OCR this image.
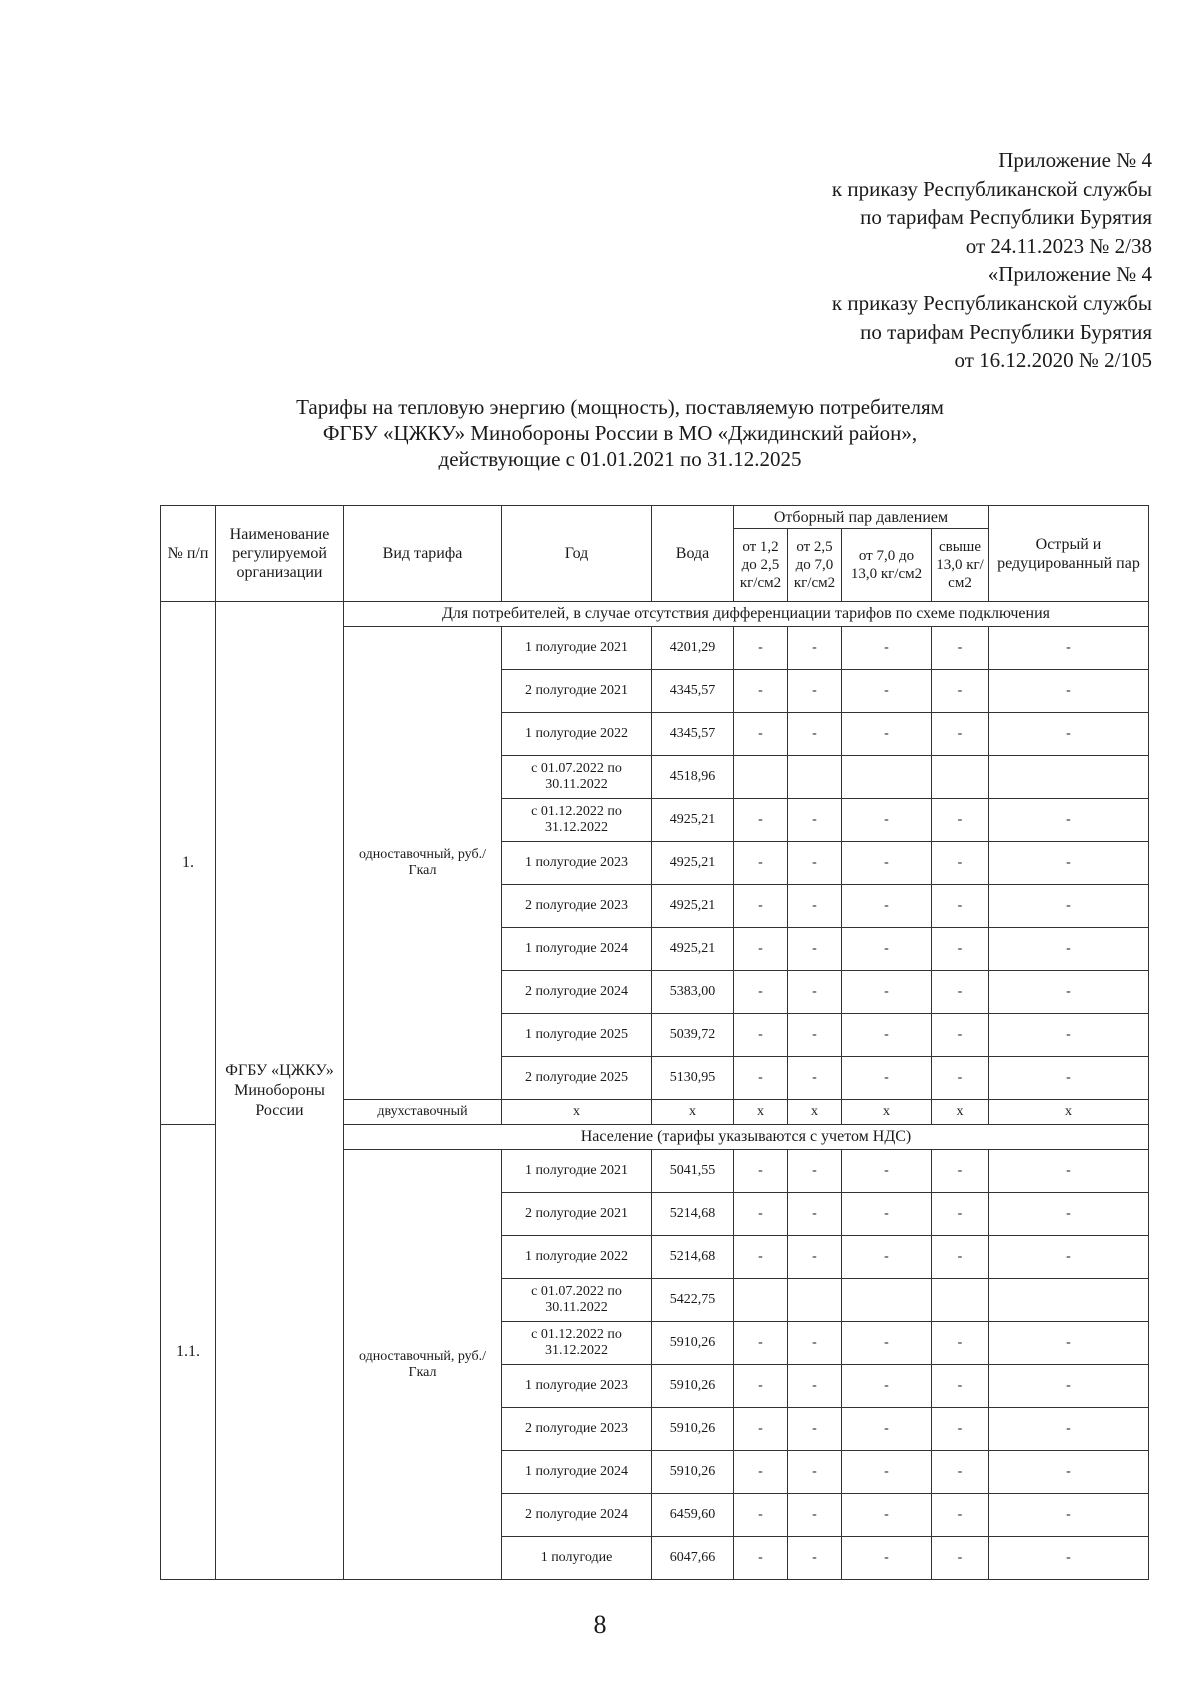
Приложение № 4
к приказу Республиканской службы
по тарифам Республики Бурятия
от 24.11.2023 № 2/38
«Приложение № 4
к приказу Республиканской службы
по тарифам Республики Бурятия
от 16.12.2020 № 2/105
Тарифы на тепловую энергию (мощность), поставляемую потребителям
ФГБУ «ЦЖКУ» Минобороны России в МО «Джидинский район»,
действующие с 01.01.2021 по 31.12.2025
№ п/п	Наименование регулируемой организации	Вид тарифа	Год	Вода	Отборный пар давлением				Острый и редуцированный пар
					от 1,2 до 2,5 кг/см2	от 2,5 до 7,0 кг/см2	от 7,0 до 13,0 кг/см2	свыше 13,0 кг/см2	
1.	ФГБУ «ЦЖКУ» Минобороны России	Для потребителей, в случае отсутствия дифференциации тарифов по схеме подключения							
		одноставочный, руб./Гкал	1 полугодие 2021	4201,29	-	-	-	-	-
			2 полугодие 2021	4345,57	-	-	-	-	-
			1 полугодие 2022	4345,57	-	-	-	-	-
			с 01.07.2022 по 30.11.2022	4518,96					
			с 01.12.2022 по 31.12.2022	4925,21	-	-	-	-	-
			1 полугодие 2023	4925,21	-	-	-	-	-
			2 полугодие 2023	4925,21	-	-	-	-	-
			1 полугодие 2024	4925,21	-	-	-	-	-
			2 полугодие 2024	5383,00	-	-	-	-	-
			1 полугодие 2025	5039,72	-	-	-	-	-
			2 полугодие 2025	5130,95	-	-	-	-	-
		двухставочный	х	х	х	х	х	х	х
1.1.		Население (тарифы указываются с учетом НДС)							
		одноставочный, руб./Гкал	1 полугодие 2021	5041,55	-	-	-	-	-
			2 полугодие 2021	5214,68	-	-	-	-	-
			1 полугодие 2022	5214,68	-	-	-	-	-
			с 01.07.2022 по 30.11.2022	5422,75					
			с 01.12.2022 по 31.12.2022	5910,26	-	-	-	-	-
			1 полугодие 2023	5910,26	-	-	-	-	-
			2 полугодие 2023	5910,26	-	-	-	-	-
			1 полугодие 2024	5910,26	-	-	-	-	-
			2 полугодие 2024	6459,60	-	-	-	-	-
			1 полугодие	6047,66	-	-	-	-	-
8
